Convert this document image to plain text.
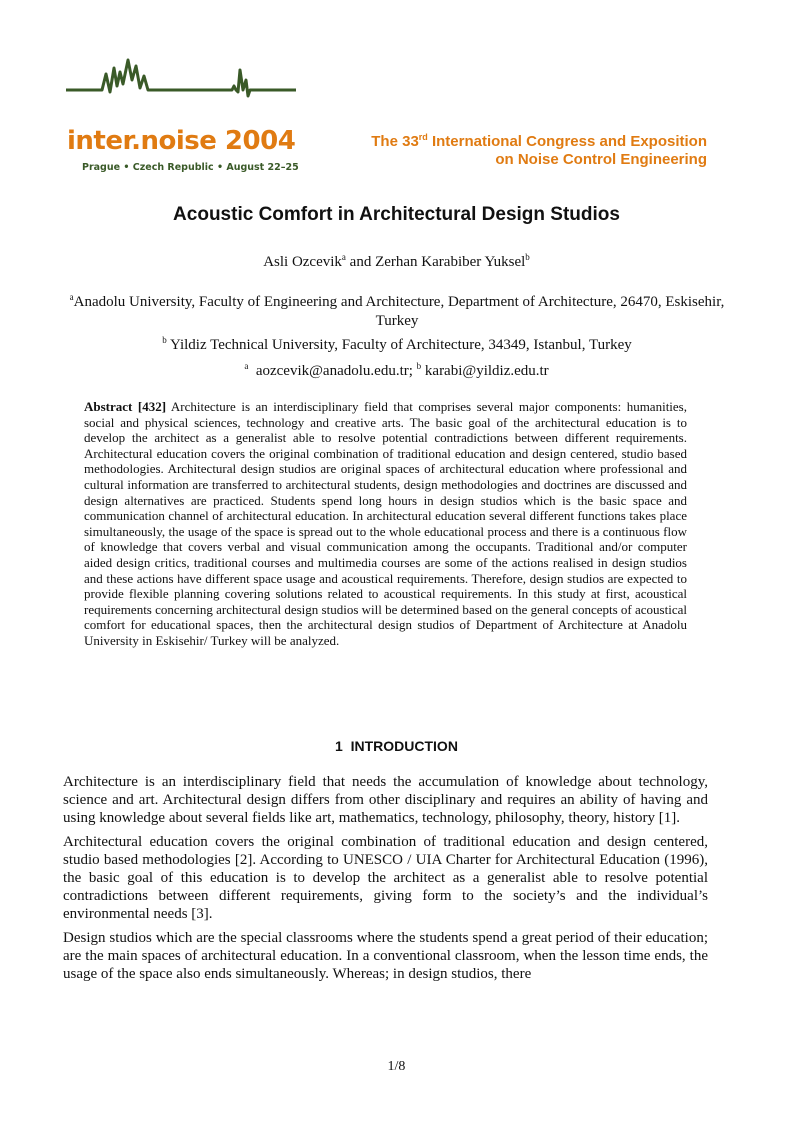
inter.noise 2004
Prague • Czech Republic • August 22–25
The 33rd International Congress and Exposition
on Noise Control Engineering
Acoustic Comfort in Architectural Design Studios
Asli Ozcevik$^a$ and Zerhan Karabiber Yuksel$^b$
$^a$Anadolu University, Faculty of Engineering and Architecture, Department of Architecture, 26470, Eskisehir, Turkey
$^b$ Yildiz Technical University, Faculty of Architecture, 34349, Istanbul, Turkey
$^a$  aozcevik@anadolu.edu.tr; $^b$ karabi@yildiz.edu.tr
Abstract [432] Architecture is an interdisciplinary field that comprises several major components: humanities, social and physical sciences, technology and creative arts. The basic goal of the architectural education is to develop the architect as a generalist able to resolve potential contradictions between different requirements. Architectural education covers the original combination of traditional education and design centered, studio based methodologies. Architectural design studios are original spaces of architectural education where professional and cultural information are transferred to architectural students, design methodologies and doctrines are discussed and design alternatives are practiced. Students spend long hours in design studios which is the basic space and communication channel of architectural education. In architectural education several different functions takes place simultaneously, the usage of the space is spread out to the whole educational process and there is a continuous flow of knowledge that covers verbal and visual communication among the occupants. Traditional and/or computer aided design critics, traditional courses and multimedia courses are some of the actions realised in design studios and these actions have different space usage and acoustical requirements. Therefore, design studios are expected to provide flexible planning covering solutions related to acoustical requirements. In this study at first, acoustical requirements concerning architectural design studios will be determined based on the general concepts of acoustical comfort for educational spaces, then the architectural design studios of Department of Architecture at Anadolu University in Eskisehir/ Turkey will be analyzed.
1  INTRODUCTION

Architecture is an interdisciplinary field that needs the accumulation of knowledge about technology, science and art. Architectural design differs from other disciplinary and requires an ability of having and using knowledge about several fields like art, mathematics, technology, philosophy, theory, history [1].

Architectural education covers the original combination of traditional education and design centered, studio based methodologies [2]. According to UNESCO / UIA Charter for Architectural Education (1996), the basic goal of this education is to develop the architect as a generalist able to resolve potential contradictions between different requirements, giving form to the society’s and the individual’s environmental needs [3].

Design studios which are the special classrooms where the students spend a great period of their education; are the main spaces of architectural education. In a conventional classroom, when the lesson time ends, the usage of the space also ends simultaneously. Whereas; in design studios, there

1/8
